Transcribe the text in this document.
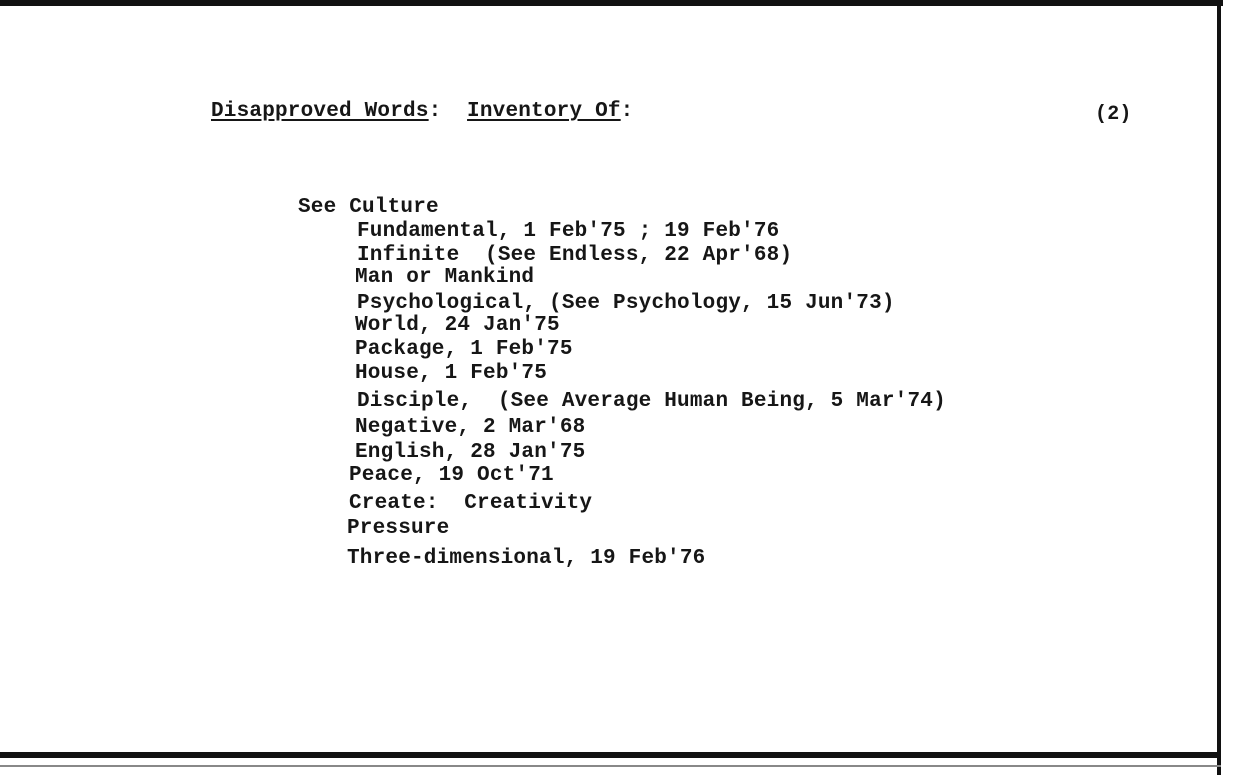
Disapproved Words:  Inventory Of:	(2)
See Culture
Fundamental, 1 Feb'75 ; 19 Feb'76
Infinite  (See Endless, 22 Apr'68)
Man or Mankind
Psychological, (See Psychology, 15 Jun'73)
World, 24 Jan'75
Package, 1 Feb'75
House, 1 Feb'75
Disciple,  (See Average Human Being, 5 Mar'74)
Negative, 2 Mar'68
English, 28 Jan'75
Peace, 19 Oct'71
Create:  Creativity
Pressure
Three-dimensional, 19 Feb'76
